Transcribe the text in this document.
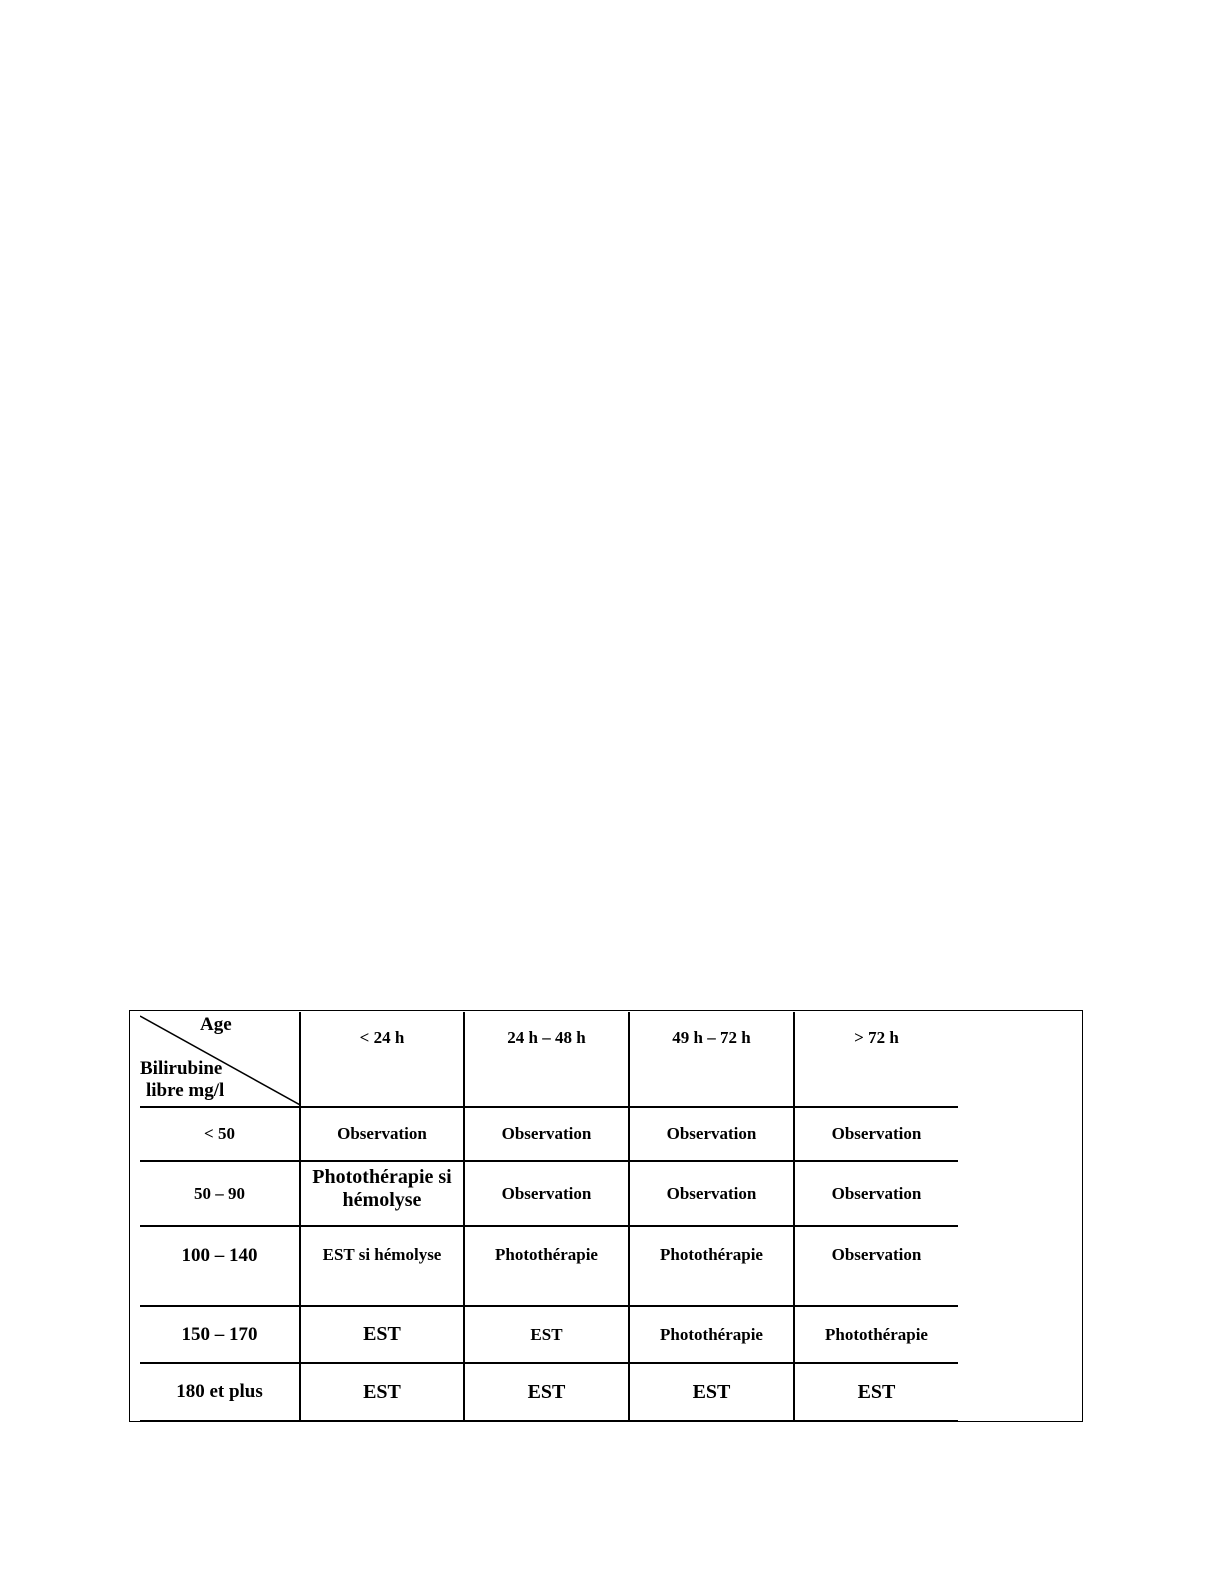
Age
Bilirubine
libre mg/l	< 24 h	24 h – 48 h	49 h – 72 h	> 72 h
< 50	Observation	Observation	Observation	Observation
50 – 90	Photothérapie si hémolyse	Observation	Observation	Observation
100 – 140	EST si hémolyse	Photothérapie	Photothérapie	Observation
150 – 170	EST	EST	Photothérapie	Photothérapie
180 et plus	EST	EST	EST	EST
